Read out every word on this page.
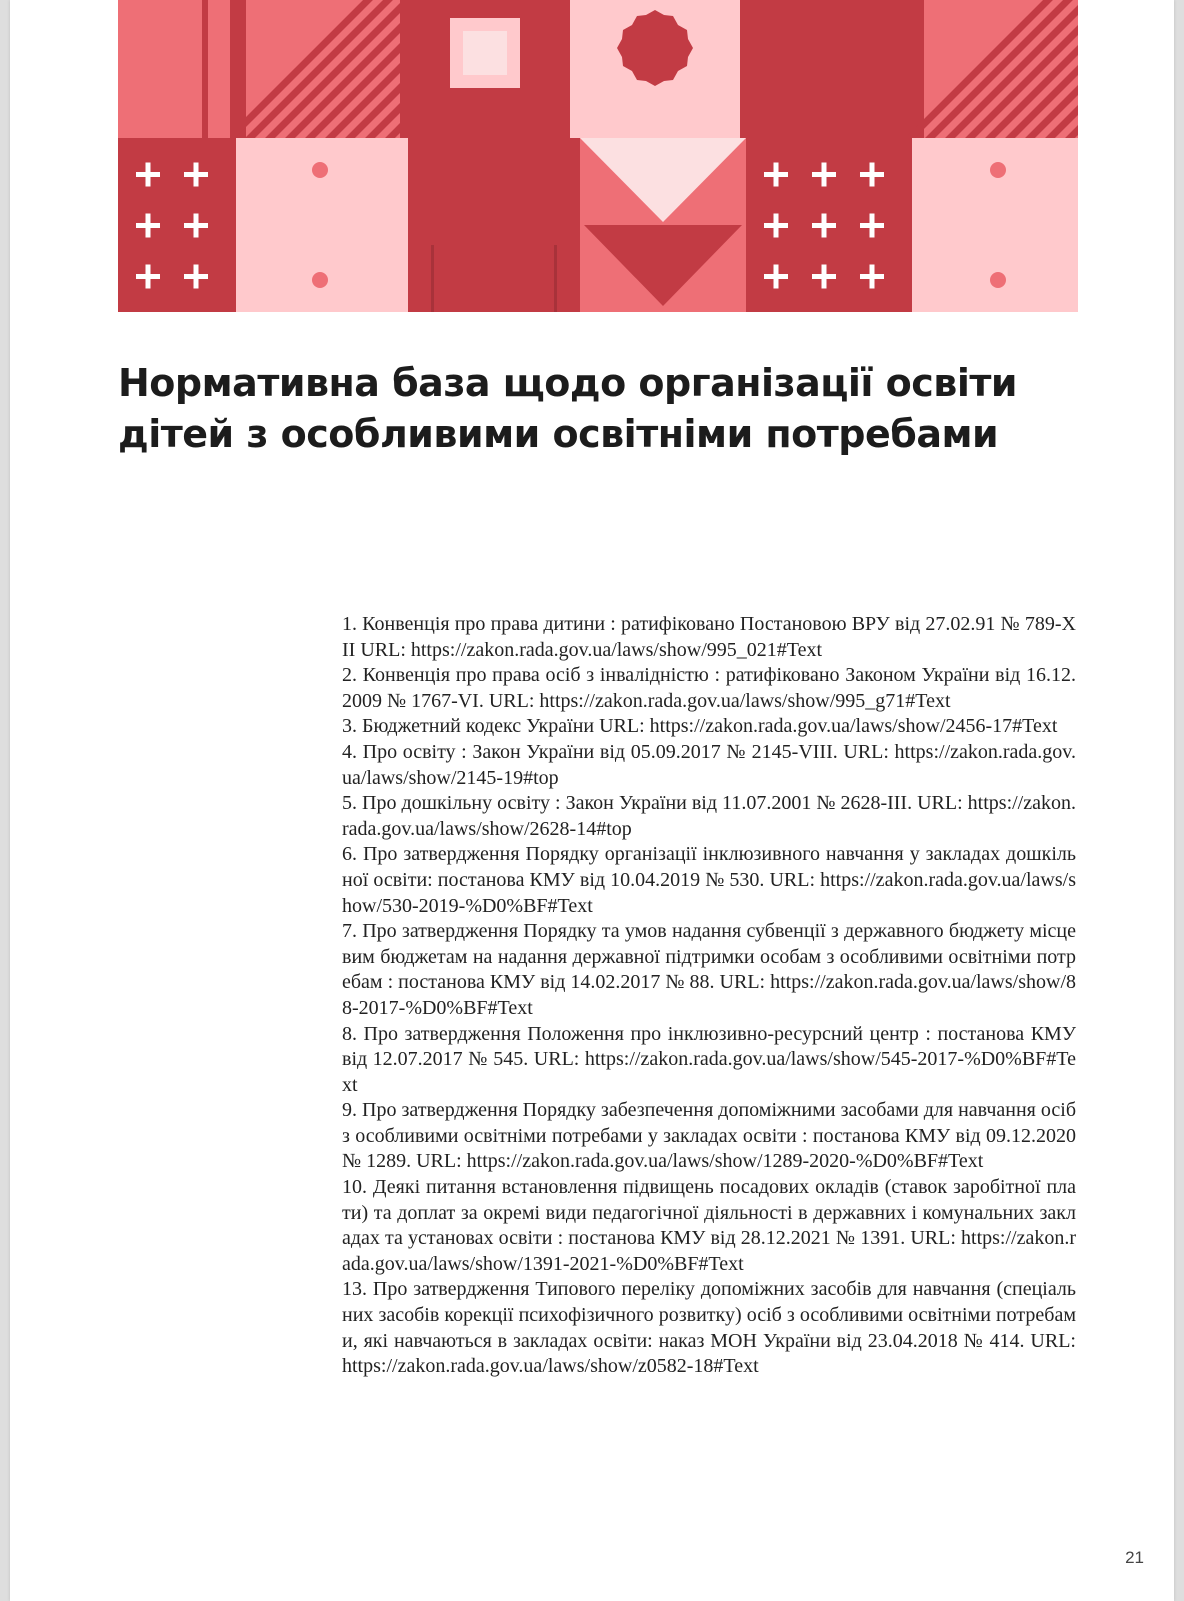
Нормативна база щодо організації освіти дітей з особливими освітніми потребами
1. Конвенція про права дитини : ратифіковано Постановою ВРУ від 27.02.91 № 789-XII URL: https://zakon.rada.gov.ua/laws/show/995_021#Text
2. Конвенція про права осіб з інвалідністю : ратифіковано Законом України від 16.12.2009 № 1767-VI. URL: https://zakon.rada.gov.ua/laws/show/995_g71#Text
3. Бюджетний кодекс України URL: https://zakon.rada.gov.ua/laws/show/2456-17#Text
4. Про освіту : Закон України від 05.09.2017 № 2145-VIII. URL: https://zakon.rada.gov.ua/laws/show/2145-19#top
5. Про дошкільну освіту : Закон України від 11.07.2001 № 2628-III. URL: https://zakon.rada.gov.ua/laws/show/2628-14#top
6. Про затвердження Порядку організації інклюзивного навчання у закладах дошкільної освіти: постанова КМУ від 10.04.2019 № 530. URL: https://zakon.rada.gov.ua/laws/show/530-2019-%D0%BF#Text
7. Про затвердження Порядку та умов надання субвенції з державного бюджету місцевим бюджетам на надання державної підтримки особам з особливими освітніми потребам : постанова КМУ від 14.02.2017 № 88. URL: https://zakon.rada.gov.ua/laws/show/88-2017-%D0%BF#Text
8. Про затвердження Положення про інклюзивно-ресурсний центр : постанова КМУ від 12.07.2017 № 545. URL: https://zakon.rada.gov.ua/laws/show/545-2017-%D0%BF#Text
9. Про затвердження Порядку забезпечення допоміжними засобами для навчання осіб з особливими освітніми потребами у закладах освіти : постанова КМУ від 09.12.2020 № 1289. URL: https://zakon.rada.gov.ua/laws/show/1289-2020-%D0%BF#Text
10. Деякі питання встановлення підвищень посадових окладів (ставок заробітної плати) та доплат за окремі види педагогічної діяльності в державних і комунальних закладах та установах освіти : постанова КМУ від 28.12.2021 № 1391. URL: https://zakon.rada.gov.ua/laws/show/1391-2021-%D0%BF#Text
13. Про затвердження Типового переліку допоміжних засобів для навчання (спеціальних засобів корекції психофізичного розвитку) осіб з особливими освітніми потребами, які навчаються в закладах освіти: наказ МОН України від 23.04.2018 № 414. URL: https://zakon.rada.gov.ua/laws/show/z0582-18#Text
21
